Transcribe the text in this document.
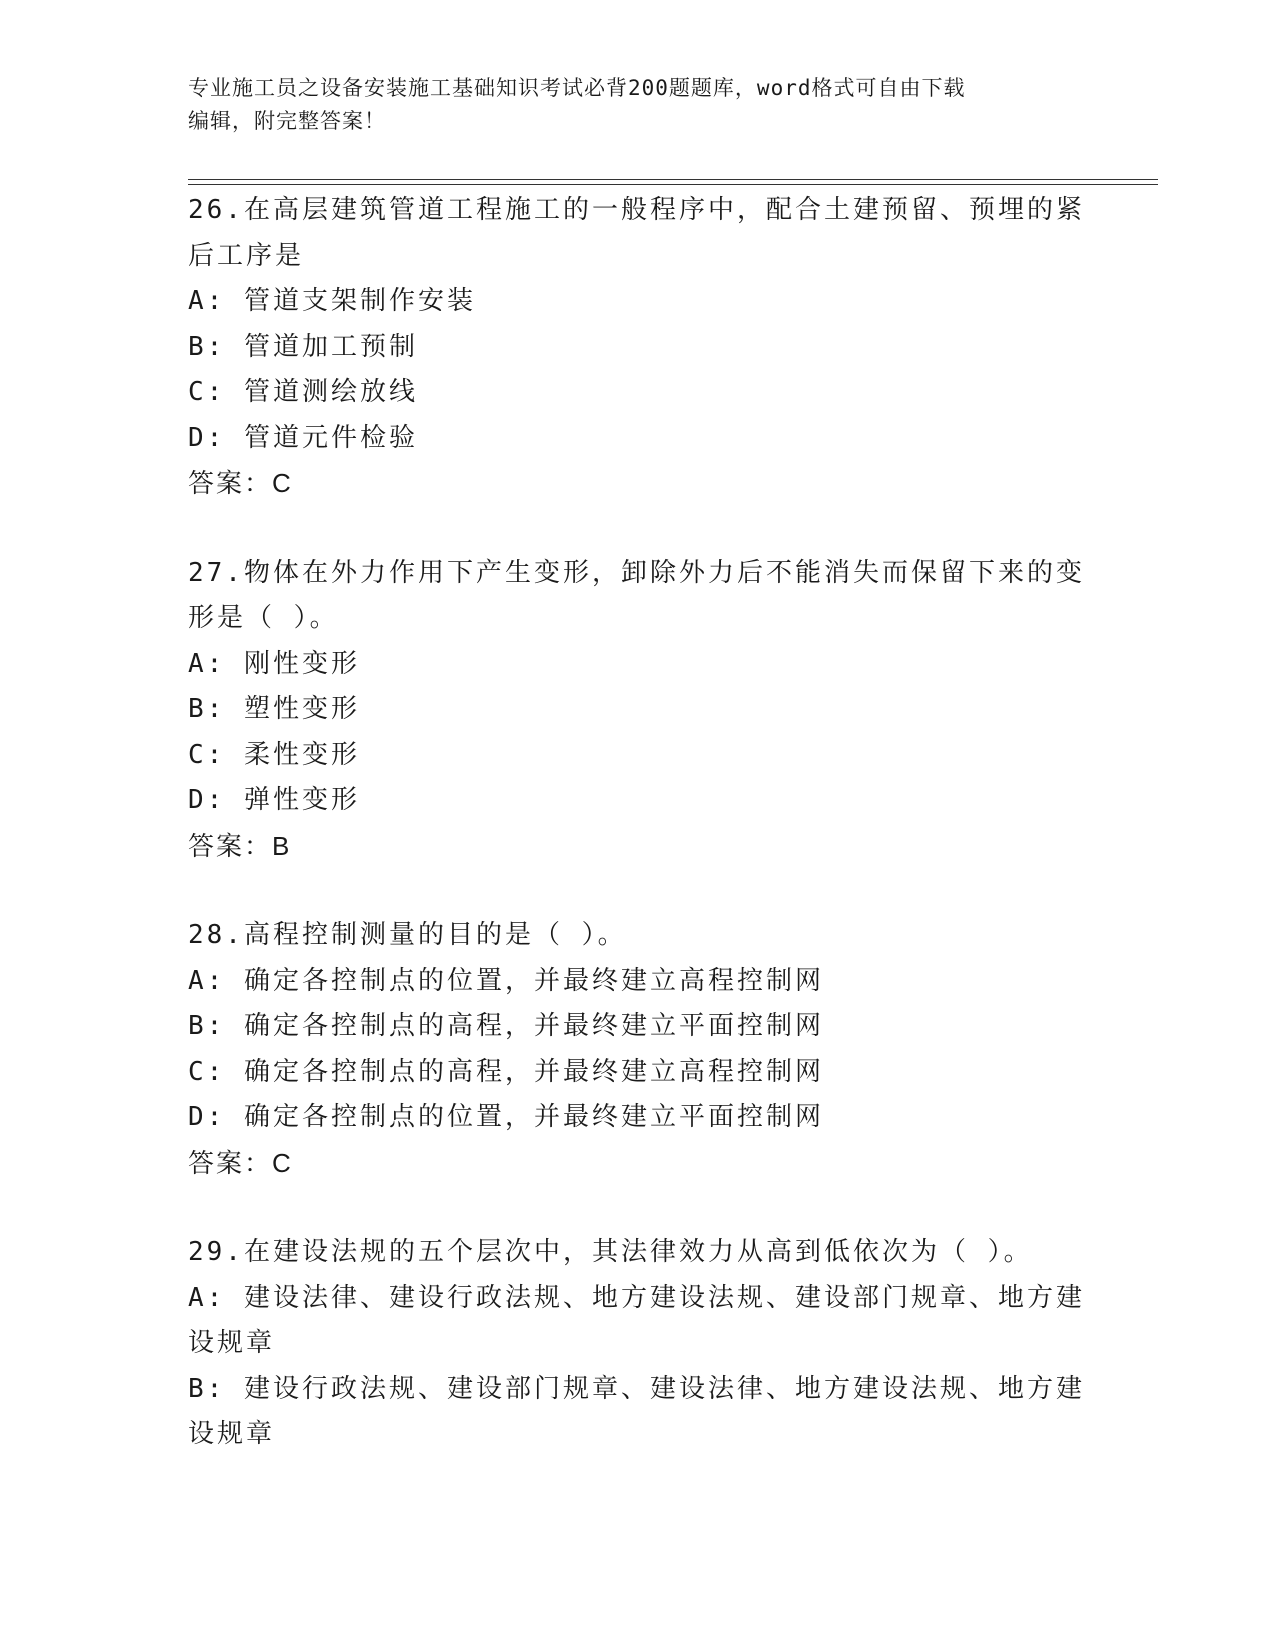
专业施工员之设备安装施工基础知识考试必背200题题库，word格式可自由下载
编辑，附完整答案！
26.在高层建筑管道工程施工的一般程序中，配合土建预留、预埋的紧
后工序是
A: 管道支架制作安装
B: 管道加工预制
C: 管道测绘放线
D: 管道元件检验
答案：C
27.物体在外力作用下产生变形，卸除外力后不能消失而保留下来的变
形是（ ）。
A: 刚性变形
B: 塑性变形
C: 柔性变形
D: 弹性变形
答案：B
28.高程控制测量的目的是（ ）。
A: 确定各控制点的位置，并最终建立高程控制网
B: 确定各控制点的高程，并最终建立平面控制网
C: 确定各控制点的高程，并最终建立高程控制网
D: 确定各控制点的位置，并最终建立平面控制网
答案：C
29.在建设法规的五个层次中，其法律效力从高到低依次为（ ）。
A: 建设法律、建设行政法规、地方建设法规、建设部门规章、地方建
设规章
B: 建设行政法规、建设部门规章、建设法律、地方建设法规、地方建
设规章
